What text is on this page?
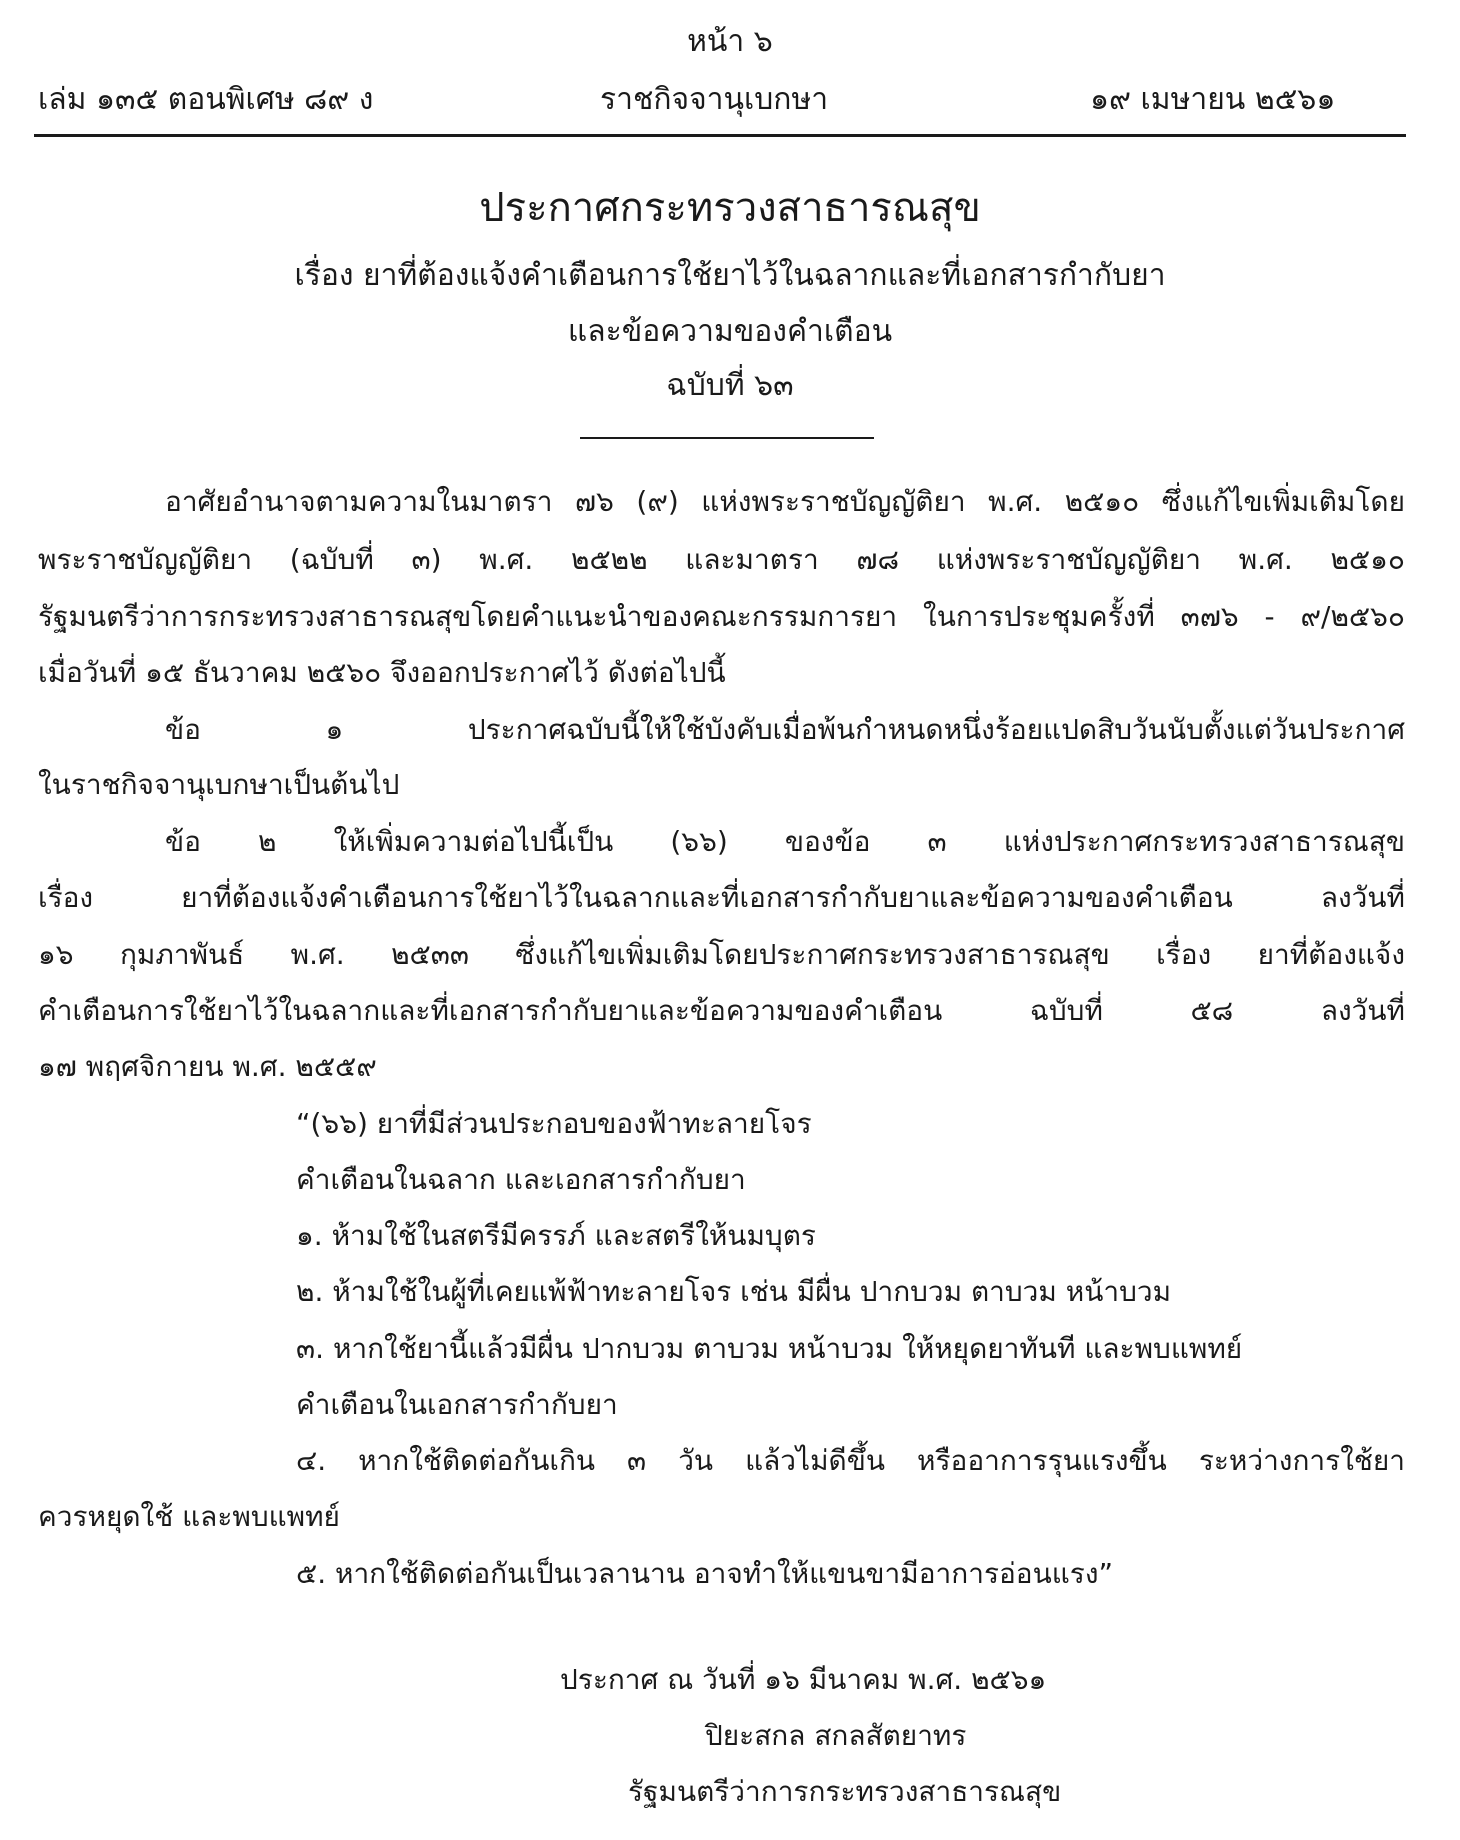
หน้า ๖
เล่ม ๑๓๕ ตอนพิเศษ ๘๙ ง	ราชกิจจานุเบกษา	๑๙ เมษายน ๒๕๖๑
ประกาศกระทรวงสาธารณสุข
เรื่อง ยาที่ต้องแจ้งคำเตือนการใช้ยาไว้ในฉลากและที่เอกสารกำกับยา
และข้อความของคำเตือน
ฉบับที่ ๖๓
อาศัยอำนาจตามความในมาตรา ๗๖ (๙) แห่งพระราชบัญญัติยา พ.ศ. ๒๕๑๐ ซึ่งแก้ไขเพิ่มเติมโดย
พระราชบัญญัติยา (ฉบับที่ ๓) พ.ศ. ๒๕๒๒ และมาตรา ๗๘ แห่งพระราชบัญญัติยา พ.ศ. ๒๕๑๐
รัฐมนตรีว่าการกระทรวงสาธารณสุขโดยคำแนะนำของคณะกรรมการยา ในการประชุมครั้งที่ ๓๗๖ - ๙/๒๕๖๐
เมื่อวันที่ ๑๕ ธันวาคม ๒๕๖๐ จึงออกประกาศไว้ ดังต่อไปนี้
ข้อ ๑ ประกาศฉบับนี้ให้ใช้บังคับเมื่อพ้นกำหนดหนึ่งร้อยแปดสิบวันนับตั้งแต่วันประกาศ
ในราชกิจจานุเบกษาเป็นต้นไป
ข้อ ๒ ให้เพิ่มความต่อไปนี้เป็น (๖๖) ของข้อ ๓ แห่งประกาศกระทรวงสาธารณสุข
เรื่อง ยาที่ต้องแจ้งคำเตือนการใช้ยาไว้ในฉลากและที่เอกสารกำกับยาและข้อความของคำเตือน ลงวันที่
๑๖ กุมภาพันธ์ พ.ศ. ๒๕๓๓ ซึ่งแก้ไขเพิ่มเติมโดยประกาศกระทรวงสาธารณสุข เรื่อง ยาที่ต้องแจ้ง
คำเตือนการใช้ยาไว้ในฉลากและที่เอกสารกำกับยาและข้อความของคำเตือน ฉบับที่ ๕๘ ลงวันที่
๑๗ พฤศจิกายน พ.ศ. ๒๕๕๙
“(๖๖) ยาที่มีส่วนประกอบของฟ้าทะลายโจร
คำเตือนในฉลาก และเอกสารกำกับยา
๑. ห้ามใช้ในสตรีมีครรภ์ และสตรีให้นมบุตร
๒. ห้ามใช้ในผู้ที่เคยแพ้ฟ้าทะลายโจร เช่น มีผื่น ปากบวม ตาบวม หน้าบวม
๓. หากใช้ยานี้แล้วมีผื่น ปากบวม ตาบวม หน้าบวม ให้หยุดยาทันที และพบแพทย์
คำเตือนในเอกสารกำกับยา
๔. หากใช้ติดต่อกันเกิน ๓ วัน แล้วไม่ดีขึ้น หรืออาการรุนแรงขึ้น ระหว่างการใช้ยา
ควรหยุดใช้ และพบแพทย์
๕. หากใช้ติดต่อกันเป็นเวลานาน อาจทำให้แขนขามีอาการอ่อนแรง”
ประกาศ ณ วันที่ ๑๖ มีนาคม พ.ศ. ๒๕๖๑
ปิยะสกล สกลสัตยาทร
รัฐมนตรีว่าการกระทรวงสาธารณสุข
